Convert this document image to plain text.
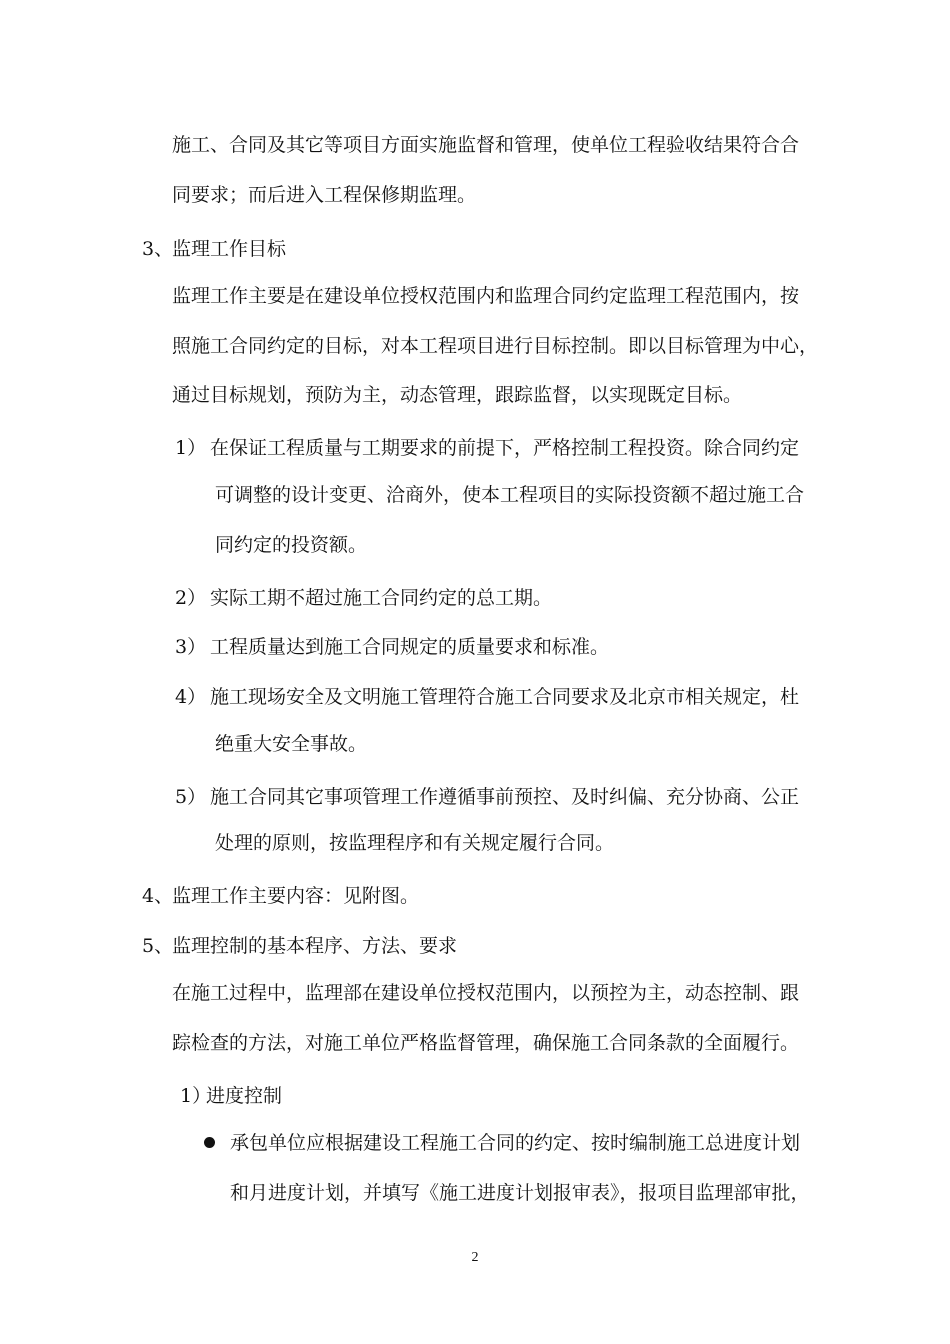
施工、合同及其它等项目方面实施监督和管理，使单位工程验收结果符合合
同要求；而后进入工程保修期监理。
3、
监理工作目标
监理工作主要是在建设单位授权范围内和监理合同约定监理工程范围内，按
照施工合同约定的目标，对本工程项目进行目标控制。即以目标管理为中心，
通过目标规划，预防为主，动态管理，跟踪监督，以实现既定目标。
1） 在保证工程质量与工期要求的前提下，严格控制工程投资。除合同约定
可调整的设计变更、洽商外，使本工程项目的实际投资额不超过施工合
同约定的投资额。
2） 实际工期不超过施工合同约定的总工期。
3） 工程质量达到施工合同规定的质量要求和标准。
4） 施工现场安全及文明施工管理符合施工合同要求及北京市相关规定，杜
绝重大安全事故。
5） 施工合同其它事项管理工作遵循事前预控、及时纠偏、充分协商、公正
处理的原则，按监理程序和有关规定履行合同。
4、
监理工作主要内容：见附图。
5、
监理控制的基本程序、方法、要求
在施工过程中，监理部在建设单位授权范围内，以预控为主，动态控制、跟
踪检查的方法，对施工单位严格监督管理，确保施工合同条款的全面履行。
1）
进度控制
承包单位应根据建设工程施工合同的约定、按时编制施工总进度计划
和月进度计划，并填写《施工进度计划报审表》，报项目监理部审批，
2
